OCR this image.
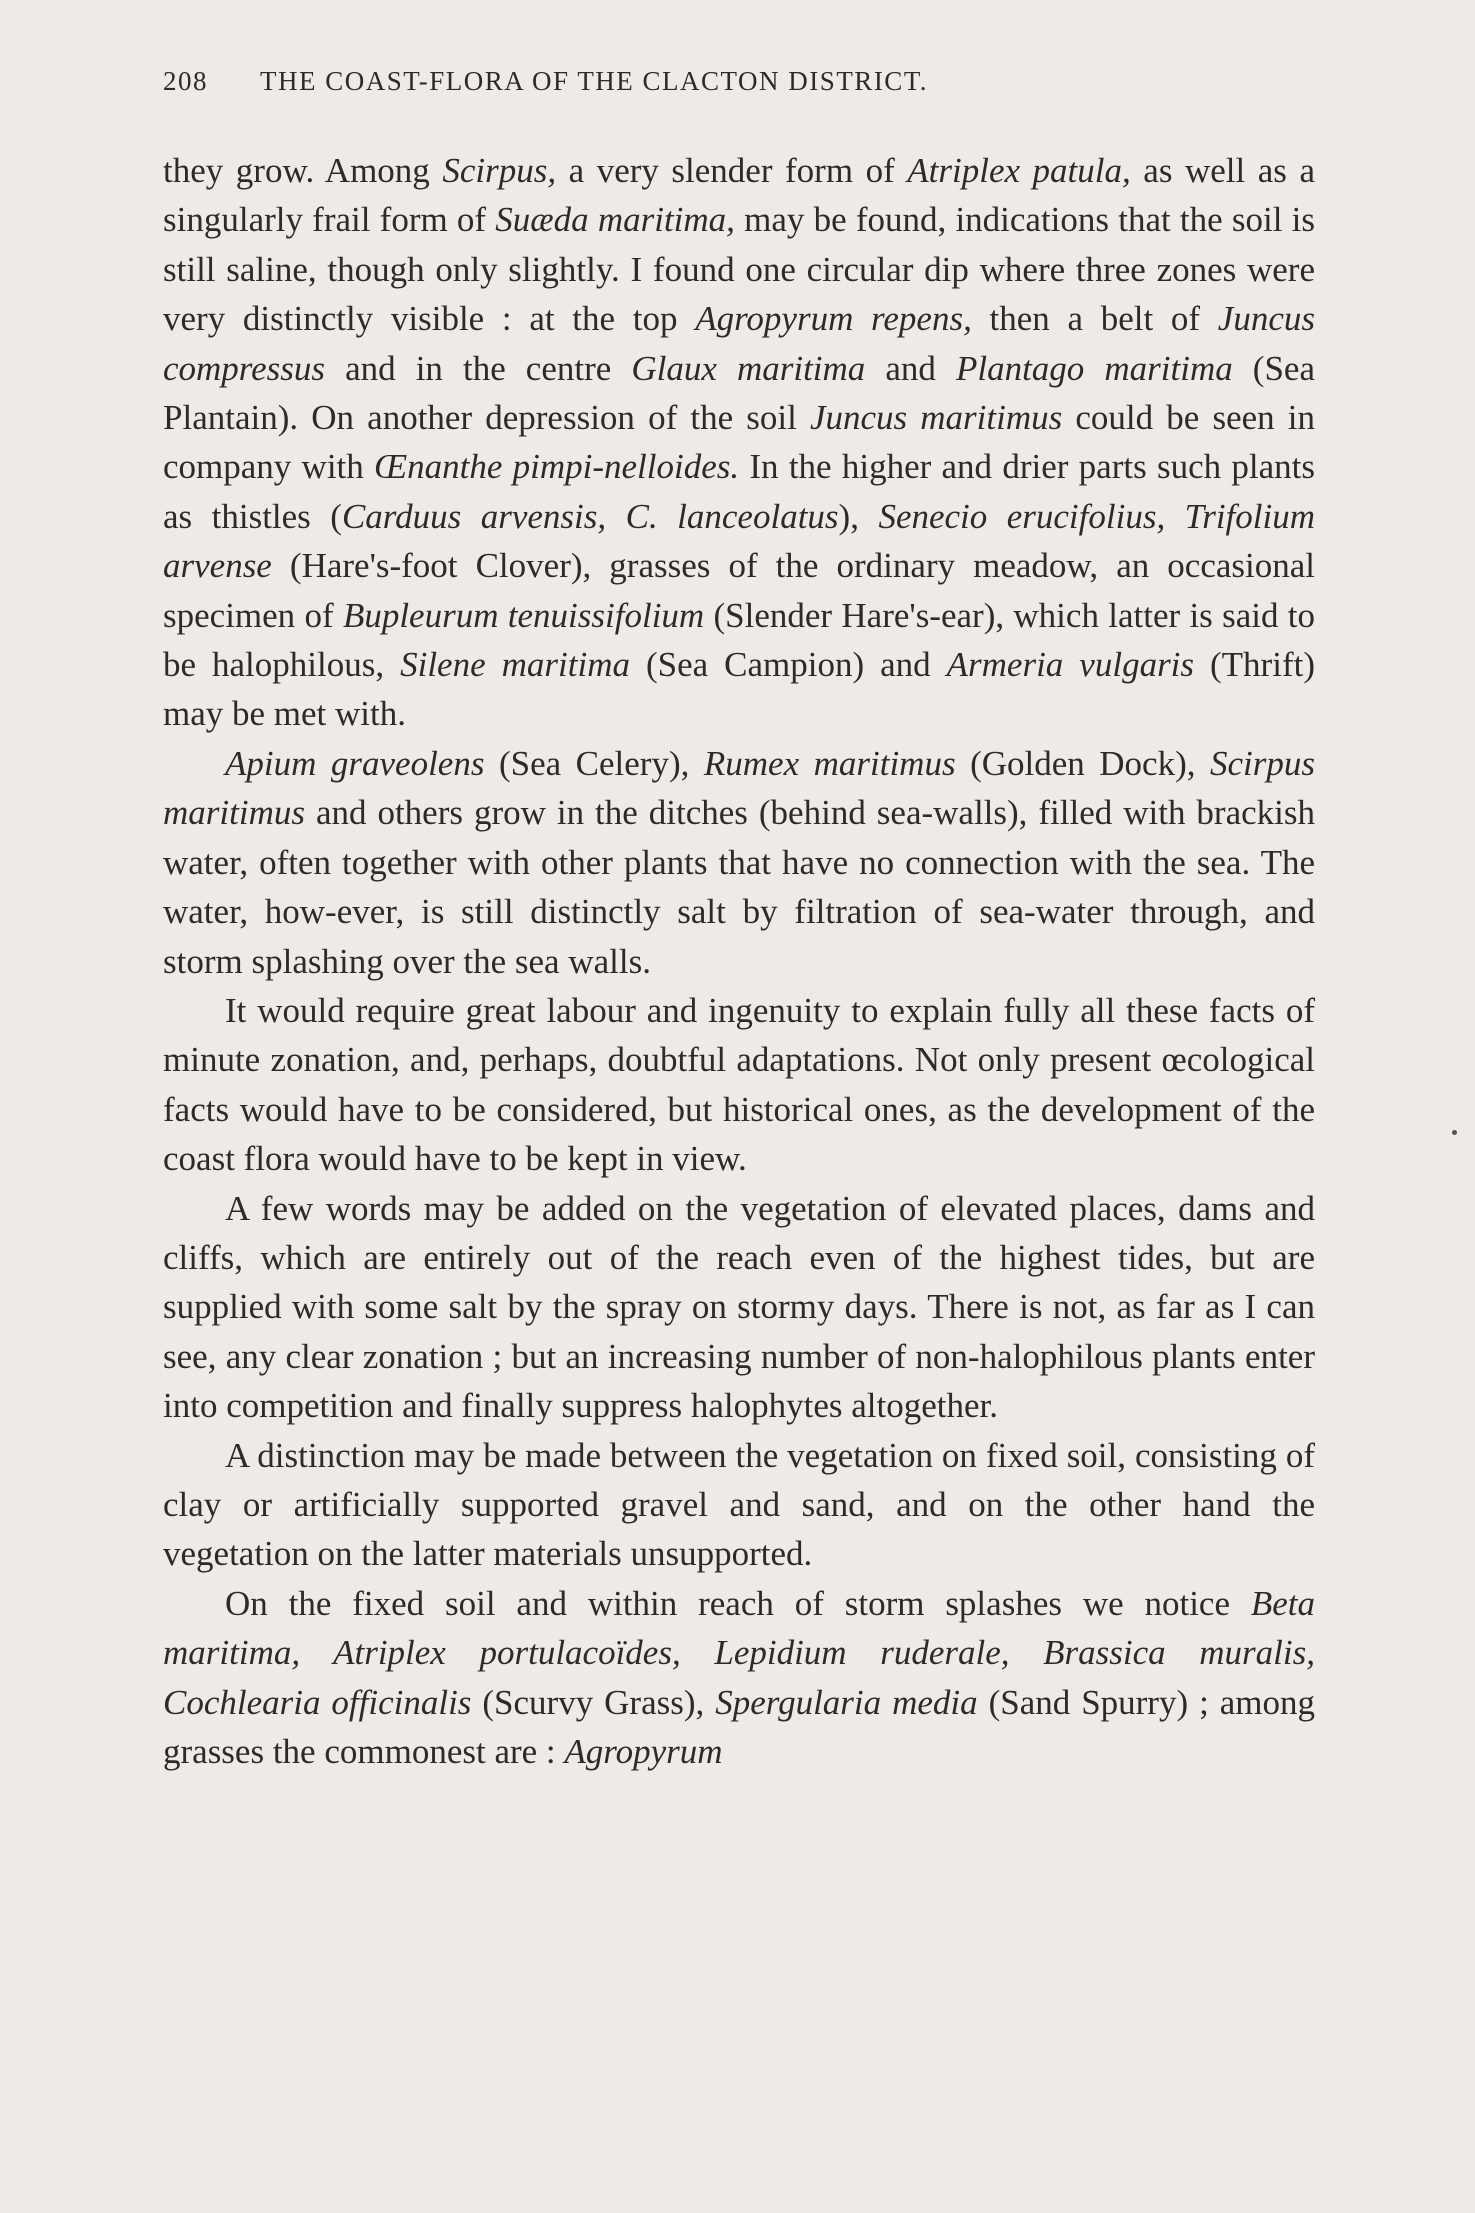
208 THE COAST-FLORA OF THE CLACTON DISTRICT.

they grow. Among Scirpus, a very slender form of Atriplex patula, as well as a singularly frail form of Suæda maritima, may be found, indications that the soil is still saline, though only slightly. I found one circular dip where three zones were very distinctly visible : at the top Agropyrum repens, then a belt of Juncus compressus and in the centre Glaux maritima and Plantago maritima (Sea Plantain). On another depression of the soil Juncus maritimus could be seen in company with Œnanthe pimpi-nelloides. In the higher and drier parts such plants as thistles (Carduus arvensis, C. lanceolatus), Senecio erucifolius, Trifolium arvense (Hare's-foot Clover), grasses of the ordinary meadow, an occasional specimen of Bupleurum tenuissifolium (Slender Hare's-ear), which latter is said to be halophilous, Silene maritima (Sea Campion) and Armeria vulgaris (Thrift) may be met with.

Apium graveolens (Sea Celery), Rumex maritimus (Golden Dock), Scirpus maritimus and others grow in the ditches (behind sea-walls), filled with brackish water, often together with other plants that have no connection with the sea. The water, how-ever, is still distinctly salt by filtration of sea-water through, and storm splashing over the sea walls.

It would require great labour and ingenuity to explain fully all these facts of minute zonation, and, perhaps, doubtful adaptations. Not only present œcological facts would have to be considered, but historical ones, as the development of the coast flora would have to be kept in view.

A few words may be added on the vegetation of elevated places, dams and cliffs, which are entirely out of the reach even of the highest tides, but are supplied with some salt by the spray on stormy days. There is not, as far as I can see, any clear zonation ; but an increasing number of non-halophilous plants enter into competition and finally suppress halophytes altogether.

A distinction may be made between the vegetation on fixed soil, consisting of clay or artificially supported gravel and sand, and on the other hand the vegetation on the latter materials unsupported.

On the fixed soil and within reach of storm splashes we notice Beta maritima, Atriplex portulacoïdes, Lepidium ruderale, Brassica muralis, Cochlearia officinalis (Scurvy Grass), Spergularia media (Sand Spurry) ; among grasses the commonest are : Agropyrum
